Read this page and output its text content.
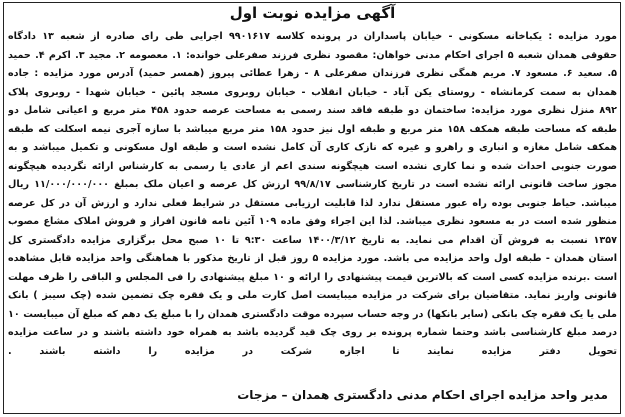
آگهی مزایده نوبت اول
مورد مزایده : یکباخانه مسکونی - خیابان پاسداران در پرونده کلاسه ۹۹۰۱۶۱۷ اجرایی طی رای صادره از شعبه ۱۳ دادگاه
حقوقی همدان شعبه ۵ اجرای احکام مدنی خواهان: مقصود نظری فرزند صفرعلی خوانده: ۱. معصومه ۲. مجید ۳. اکرم ۴. حمید
۵. سعید ۶. مسعود ۷. مریم همگی نظری فرزندان صفرعلی ۸ - زهرا عطائی پیروز (همسر حمید) آدرس مورد مزایده : جاده
همدان به سمت کرمانشاه - روستای یکن آباد - خیابان انقلاب - خیابان روبروی مسجد پائین - خیابان شهدا - روبروی پلاک
۸۹۲ منزل نظری مورد مزایده: ساختمان دو طبقه فاقد سند رسمی به مساحت عرصه حدود ۴۵۸ متر مربع و اعیانی شامل دو
طبقه که مساحت طبقه همکف ۱۵۸ متر مربع و طبقه اول نیز حدود ۱۵۸ متر مربع میباشد با سازه آجری نیمه اسکلت که طبقه
همکف شامل مغازه و انباری و راهرو و غیره که نازک کاری آن کامل نشده است و طبقه اول مسکونی و تکمیل میباشد و به
صورت جنوبی احداث شده و نما کاری نشده است هیچگونه سندی اعم از عادی یا رسمی به کارشناس ارائه نگردیده هیچگونه
مجوز ساخت قانونی ارائه نشده است در تاریخ کارشناسی ۹۹/۸/۱۷ ارزش کل عرصه و اعیان ملک بمبلغ ۱۱/۰۰۰/۰۰۰/۰۰۰ ریال
میباشد. حیاط جنوبی بوده راه عبور مستقل ندارد لذا قابلیت ارزیابی مستقل در شرایط فعلی ندارد و ارزش آن در کل عرصه
منظور شده است در به مسعود نظری میباشد. لذا این اجراء وفق ماده ۱۰۹ آئین نامه قانون افراز و فروش املاک مشاع مصوب
۱۳۵۷ نسبت به فروش آن اقدام می نماید. به تاریخ ۱۴۰۰/۳/۱۲ ساعت ۹:۳۰ تا ۱۰ صبح محل برگزاری مزایده دادگستری کل
استان همدان - طبقه اول واحد مزایده می باشد. مورد مزایده ۵ روز قبل از تاریخ مذکور با هماهنگی واحد مزایده قابل مشاهده
است .برنده مزایده کسی است که بالاترین قیمت پیشنهادی را ارائه و ۱۰ مبلغ پیشنهادی را فی المجلس و الباقی را ظرف مهلت
قانونی واریز نماید. متقاضیان برای شرکت در مزایده میبایست اصل کارت ملی و یک فقره چک تضمین شده (چک سیبز ) بانک
ملی یا یک فقره چک بانکی (سایر بانکها) در وجه حساب سپرده موقت دادگستری همدان را با مبلغ یک دهم که مبلغ آن میبایست ۱۰
درصد مبلغ کارشناسی باشد وحتما شماره پرونده بر روی چک قید گردیده باشد به همراه خود داشته باشند و در ساعت مزایده
تحویل دفتر مزایده نمایند تا اجازه شرکت در مزایده را داشته باشند .
مدیر واحد مزایده اجرای احکام مدنی دادگستری همدان – مزجات
